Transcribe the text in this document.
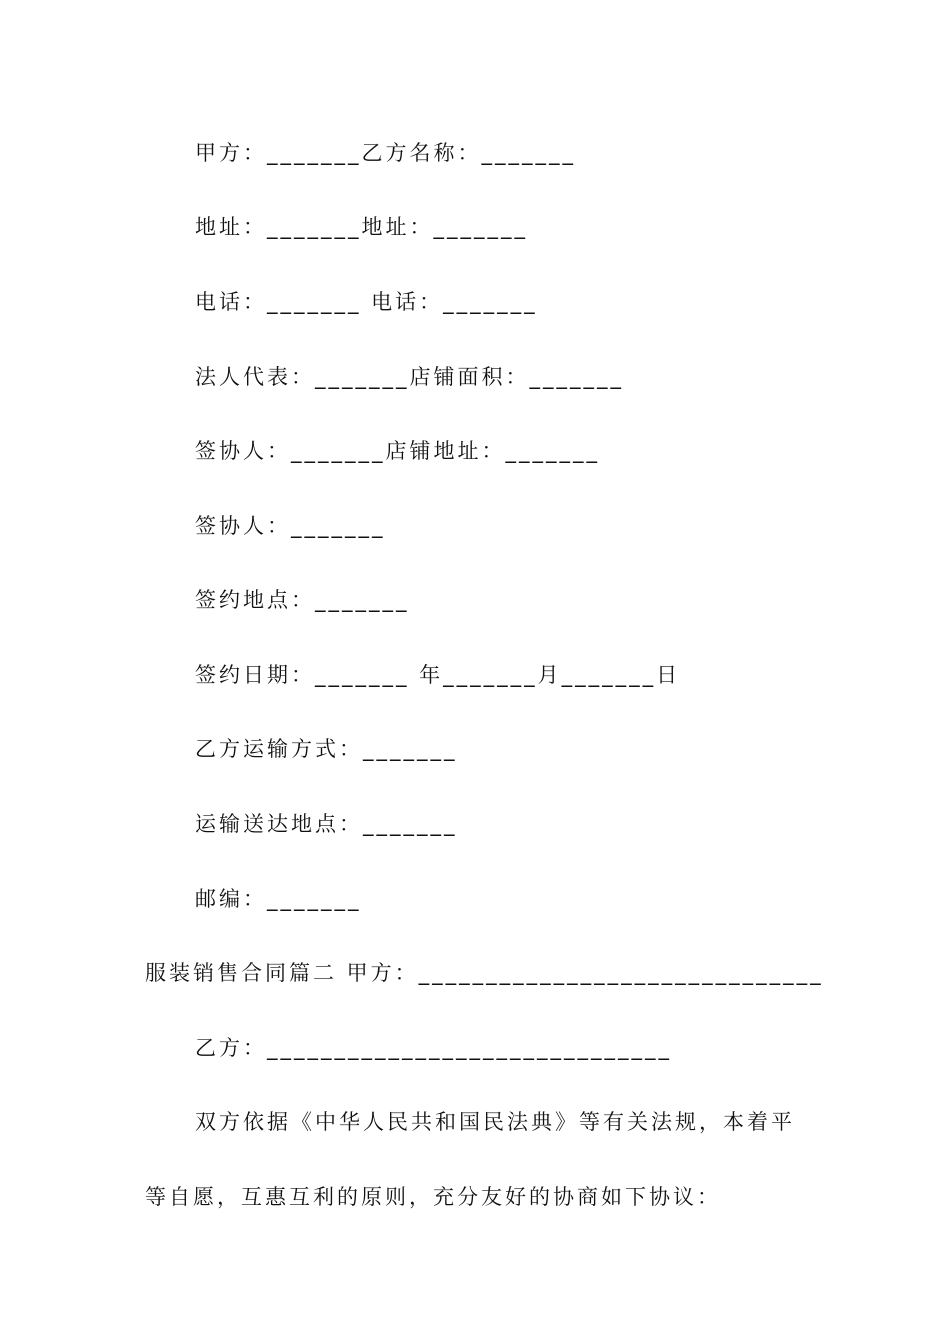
甲方：_______乙方名称：_______
地址：_______地址：_______
电话：_______ 电话：_______
法人代表：_______店铺面积：_______
签协人：_______店铺地址：_______
签协人：_______
签约地点：_______
签约日期：_______ 年_______月_______日
乙方运输方式：_______
运输送达地点：_______
邮编：_______
服装销售合同篇二 甲方：______________________________
乙方：______________________________
双方依据《中华人民共和国民法典》等有关法规，本着平
等自愿，互惠互利的原则，充分友好的协商如下协议：
